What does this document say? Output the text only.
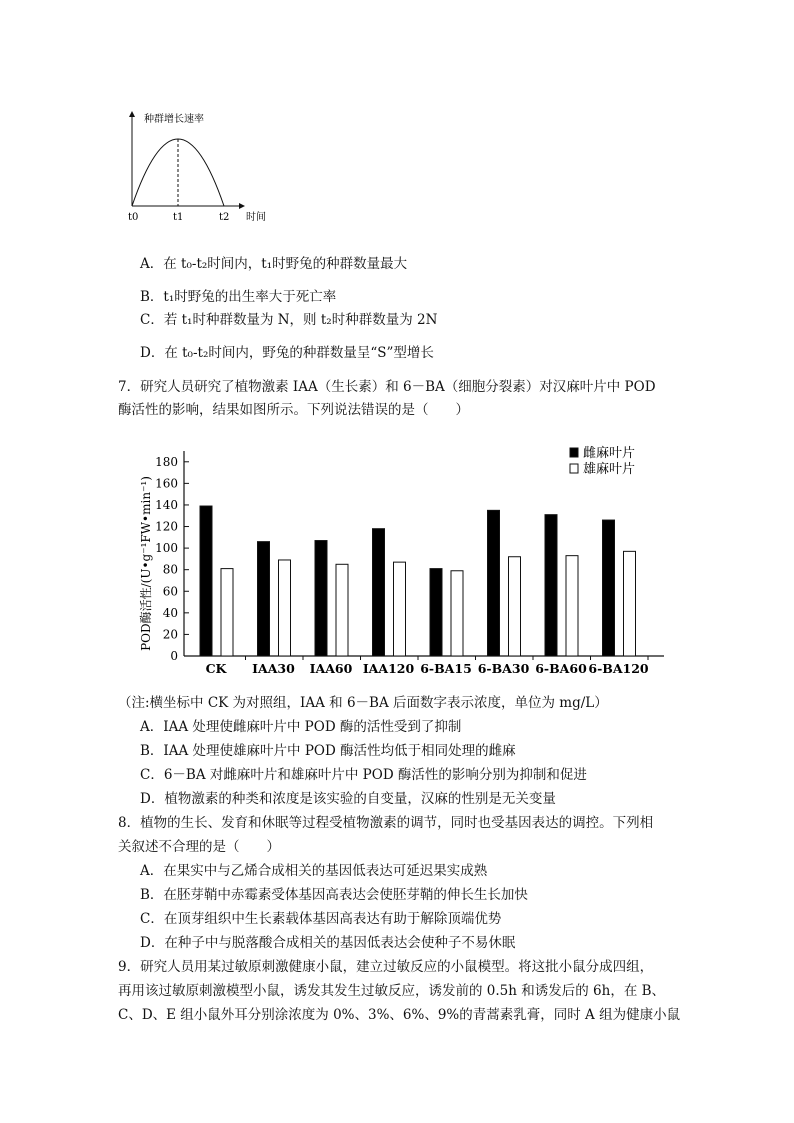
种群增长速率
t0	t1	t2 时间
A．在 t₀-t₂时间内，t₁时野兔的种群数量最大
B．t₁时野兔的出生率大于死亡率
C．若 t₁时种群数量为 N，则 t₂时种群数量为 2N
D．在 t₀-t₂时间内，野兔的种群数量呈“S”型增长
7．研究人员研究了植物激素 IAA（生长素）和 6－BA（细胞分裂素）对汉麻叶片中 POD
酶活性的影响，结果如图所示。下列说法错误的是（　　）
0
20
40
60
80
100
120
140
160
180
POD酶活性/(U•g⁻¹FW•min⁻¹)
CK IAA30 IAA60 IAA120 6-BA15 6-BA30 6-BA60 6-BA120
雌麻叶片
雄麻叶片
（注:横坐标中 CK 为对照组，IAA 和 6－BA 后面数字表示浓度，单位为 mg/L）
A．IAA 处理使雌麻叶片中 POD 酶的活性受到了抑制
B．IAA 处理使雄麻叶片中 POD 酶活性均低于相同处理的雌麻
C．6－BA 对雌麻叶片和雄麻叶片中 POD 酶活性的影响分别为抑制和促进
D．植物激素的种类和浓度是该实验的自变量，汉麻的性别是无关变量
8．植物的生长、发育和休眠等过程受植物激素的调节，同时也受基因表达的调控。下列相
关叙述不合理的是（　　）
A．在果实中与乙烯合成相关的基因低表达可延迟果实成熟
B．在胚芽鞘中赤霉素受体基因高表达会使胚芽鞘的伸长生长加快
C．在顶芽组织中生长素载体基因高表达有助于解除顶端优势
D．在种子中与脱落酸合成相关的基因低表达会使种子不易休眠
9．研究人员用某过敏原刺激健康小鼠，建立过敏反应的小鼠模型。将这批小鼠分成四组，
再用该过敏原刺激模型小鼠，诱发其发生过敏反应，诱发前的 0.5h 和诱发后的 6h，在 B、
C、D、E 组小鼠外耳分别涂浓度为 0%、3%、6%、9%的青蒿素乳膏，同时 A 组为健康小鼠
